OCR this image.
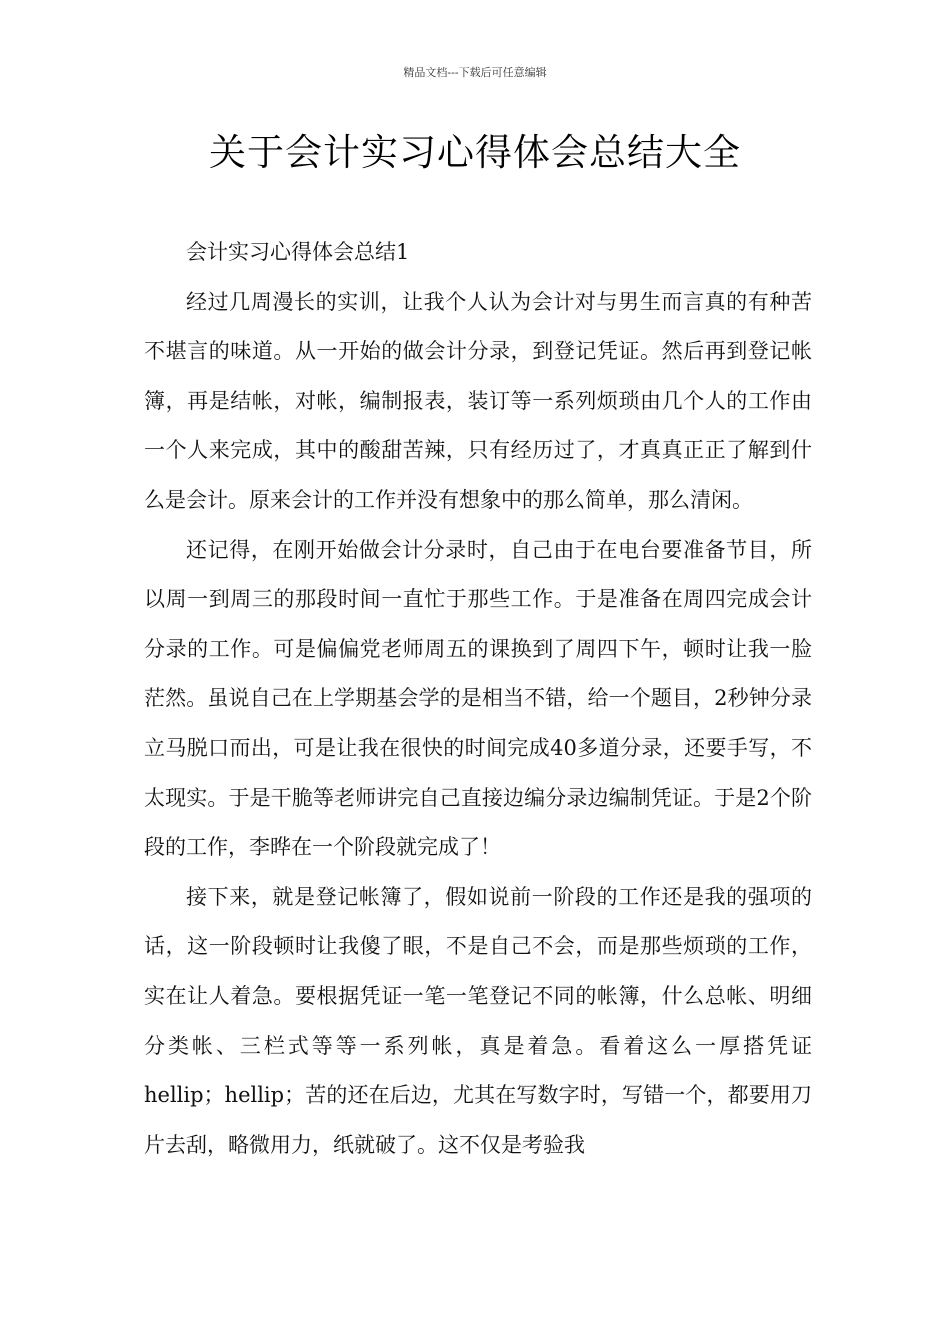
精品文档---下载后可任意编辑
关于会计实习心得体会总结大全

会计实习心得体会总结1

经过几周漫长的实训，让我个人认为会计对与男生而言真的有种苦不堪言的味道。从一开始的做会计分录，到登记凭证。然后再到登记帐簿，再是结帐，对帐，编制报表，装订等一系列烦琐由几个人的工作由一个人来完成，其中的酸甜苦辣，只有经历过了，才真真正正了解到什么是会计。原来会计的工作并没有想象中的那么简单，那么清闲。

还记得，在刚开始做会计分录时，自己由于在电台要准备节目，所以周一到周三的那段时间一直忙于那些工作。于是准备在周四完成会计分录的工作。可是偏偏党老师周五的课换到了周四下午，顿时让我一脸茫然。虽说自己在上学期基会学的是相当不错，给一个题目，2秒钟分录立马脱口而出，可是让我在很快的时间完成40多道分录，还要手写，不太现实。于是干脆等老师讲完自己直接边编分录边编制凭证。于是2个阶段的工作，李晔在一个阶段就完成了！

接下来，就是登记帐簿了，假如说前一阶段的工作还是我的强项的话，这一阶段顿时让我傻了眼，不是自己不会，而是那些烦琐的工作，实在让人着急。要根据凭证一笔一笔登记不同的帐簿，什么总帐、明细分类帐、三栏式等等一系列帐，真是着急。看着这么一厚搭凭证hellip；hellip；苦的还在后边，尤其在写数字时，写错一个，都要用刀片去刮，略微用力，纸就破了。这不仅是考验我
